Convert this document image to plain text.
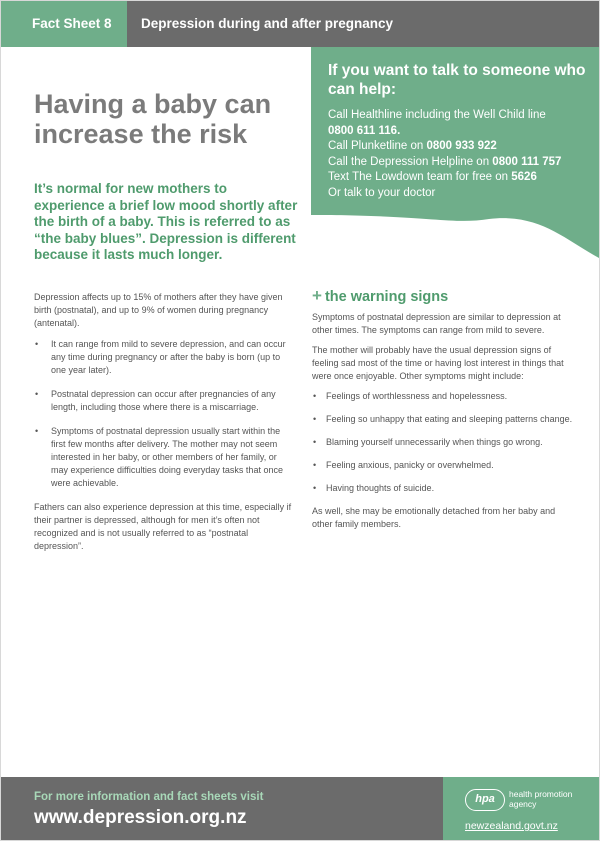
Fact Sheet 8	Depression during and after pregnancy
If you want to talk to someone who can help:
Call Healthline including the Well Child line
0800 611 116.
Call Plunketline on 0800 933 922
Call the Depression Helpline on 0800 111 757
Text The Lowdown team for free on 5626
Or talk to your doctor
Having a baby can increase the risk
It’s normal for new mothers to experience a brief low mood shortly after the birth of a baby. This is referred to as “the baby blues”. Depression is different because it lasts much longer.

Depression affects up to 15% of mothers after they have given birth (postnatal), and up to 9% of women during pregnancy (antenatal).

• It can range from mild to severe depression, and can occur any time during pregnancy or after the baby is born (up to one year later).
• Postnatal depression can occur after pregnancies of any length, including those where there is a miscarriage.
• Symptoms of postnatal depression usually start within the first few months after delivery. The mother may not seem interested in her baby, or other members of her family, or may experience difficulties doing everyday tasks that once were achievable.

Fathers can also experience depression at this time, especially if their partner is depressed, although for men it’s often not recognized and is not usually referred to as “postnatal depression”.

+ the warning signs

Symptoms of postnatal depression are similar to depression at other times. The symptoms can range from mild to severe.

The mother will probably have the usual depression signs of feeling sad most of the time or having lost interest in things that were once enjoyable. Other symptoms might include:

• Feelings of worthlessness and hopelessness.
• Feeling so unhappy that eating and sleeping patterns change.
• Blaming yourself unnecessarily when things go wrong.
• Feeling anxious, panicky or overwhelmed.
• Having thoughts of suicide.

As well, she may be emotionally detached from her baby and other family members.

For more information and fact sheets visit
www.depression.org.nz
hpa	health promotion
agency
newzealand.govt.nz
